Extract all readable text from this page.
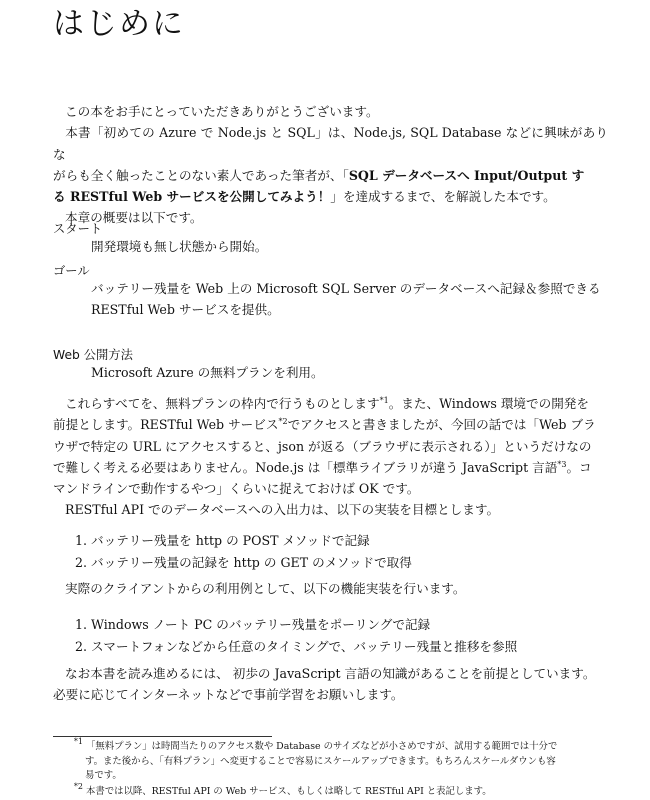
はじめに

この本をお手にとっていただきありがとうございます。
本書「初めての Azure で Node.js と SQL」は、Node.js, SQL Database などに興味がありな
がらも全く触ったことのない素人であった筆者が、「SQL データベースへ Input/Output す
る RESTful Web サービスを公開してみよう！」を達成するまで、を解説した本です。
本章の概要は以下です。

スタート

開発環境も無し状態から開始。

ゴール

バッテリー残量を Web 上の Microsoft SQL Server のデータベースへ記録＆参照できる
RESTful Web サービスを提供。

Web 公開方法

Microsoft Azure の無料プランを利用。

これらすべてを、無料プランの枠内で行うものとします$^{*1}$。また、Windows 環境での開発を
前提とします。RESTful Web サービス$^{*2}$でアクセスと書きましたが、今回の話では「Web ブラ
ウザで特定の URL にアクセスすると、json が返る（ブラウザに表示される）」というだけなの
で難しく考える必要はありません。Node.js は「標準ライブラリが違う JavaScript 言語$^{*3}$。コ
マンドラインで動作するやつ」くらいに捉えておけば OK です。
RESTful API でのデータベースへの入出力は、以下の実装を目標とします。

1. バッテリー残量を http の POST メソッドで記録
2. バッテリー残量の記録を http の GET のメソッドで取得

実際のクライアントからの利用例として、以下の機能実装を行います。

1. Windows ノート PC のバッテリー残量をポーリングで記録
2. スマートフォンなどから任意のタイミングで、バッテリー残量と推移を参照

なお本書を読み進めるには、 初歩の JavaScript 言語の知識があることを前提としています。
必要に応じてインターネットなどで事前学習をお願いします。

$^{*1}$ 「無料プラン」は時間当たりのアクセス数や Database のサイズなどが小さめですが、試用する範囲では十分で
す。また後から、「有料プラン」へ変更することで容易にスケールアップできます。もちろんスケールダウンも容
易です。

$^{*2}$ 本書では以降、RESTful API の Web サービス、もしくは略して RESTful API と表記します。
